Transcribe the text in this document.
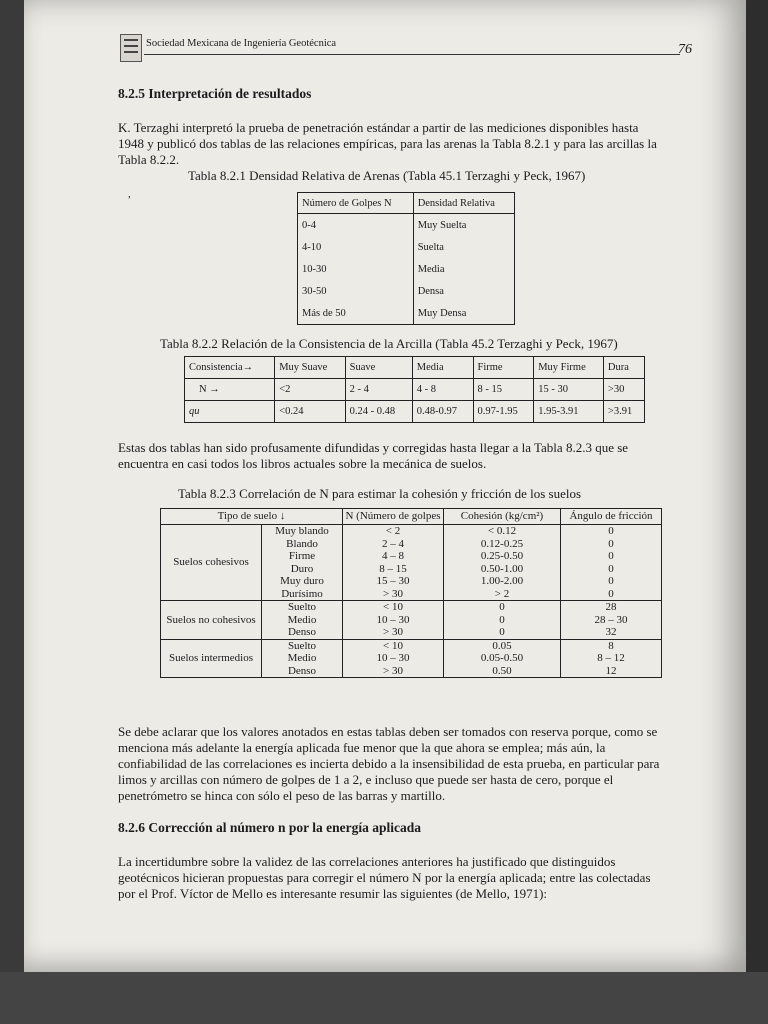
Sociedad Mexicana de Ingeniería Geotécnica	76
8.2.5 Interpretación de resultados
K. Terzaghi interpretó la prueba de penetración estándar a partir de las mediciones disponibles hasta
1948 y publicó dos tablas de las relaciones empíricas, para las arenas la Tabla 8.2.1 y para las arcillas la
Tabla 8.2.2.
,
Tabla 8.2.1 Densidad Relativa de Arenas (Tabla 45.1 Terzaghi y Peck, 1967)
Número de Golpes N	Densidad Relativa
0-4	Muy Suelta
4-10	Suelta
10-30	Media
30-50	Densa
Más de 50	Muy Densa
Tabla 8.2.2 Relación de la Consistencia de la Arcilla (Tabla 45.2 Terzaghi y Peck, 1967)
Consistencia→	Muy Suave	Suave	Media	Firme	Muy Firme	Dura
N →	<2	2 - 4	4 - 8	8 - 15	15 - 30	>30
qu	<0.24	0.24 - 0.48	0.48-0.97	0.97-1.95	1.95-3.91	>3.91
Estas dos tablas han sido profusamente difundidas y corregidas hasta llegar a la Tabla 8.2.3 que se
encuentra en casi todos los libros actuales sobre la mecánica de suelos.
Tabla 8.2.3 Correlación de N para estimar la cohesión y fricción de los suelos
Tipo de suelo ↓		N (Número de golpes	Cohesión (kg/cm²)	Ángulo de fricción
Suelos cohesivos	Muy blando	< 2	< 0.12	0
	Blando	2 – 4	0.12-0.25	0
	Firme	4 – 8	0.25-0.50	0
	Duro	8 – 15	0.50-1.00	0
	Muy duro	15 – 30	1.00-2.00	0
	Durísimo	> 30	> 2	0
Suelos no cohesivos	Suelto	< 10	0	28
	Medio	10 – 30	0	28 – 30
	Denso	> 30	0	32
Suelos intermedios	Suelto	< 10	0.05	8
	Medio	10 – 30	0.05-0.50	8 – 12
	Denso	> 30	0.50	12
Se debe aclarar que los valores anotados en estas tablas deben ser tomados con reserva porque, como se
menciona más adelante la energía aplicada fue menor que la que ahora se emplea; más aún, la
confiabilidad de las correlaciones es incierta debido a la insensibilidad de esta prueba, en particular para
limos y arcillas con número de golpes de 1 a 2, e incluso que puede ser hasta de cero, porque el
penetrómetro se hinca con sólo el peso de las barras y martillo.
8.2.6 Corrección al número n por la energía aplicada
La incertidumbre sobre la validez de las correlaciones anteriores ha justificado que distinguidos
geotécnicos hicieran propuestas para corregir el número N por la energía aplicada; entre las colectadas
por el Prof. Víctor de Mello es interesante resumir las siguientes (de Mello, 1971):
